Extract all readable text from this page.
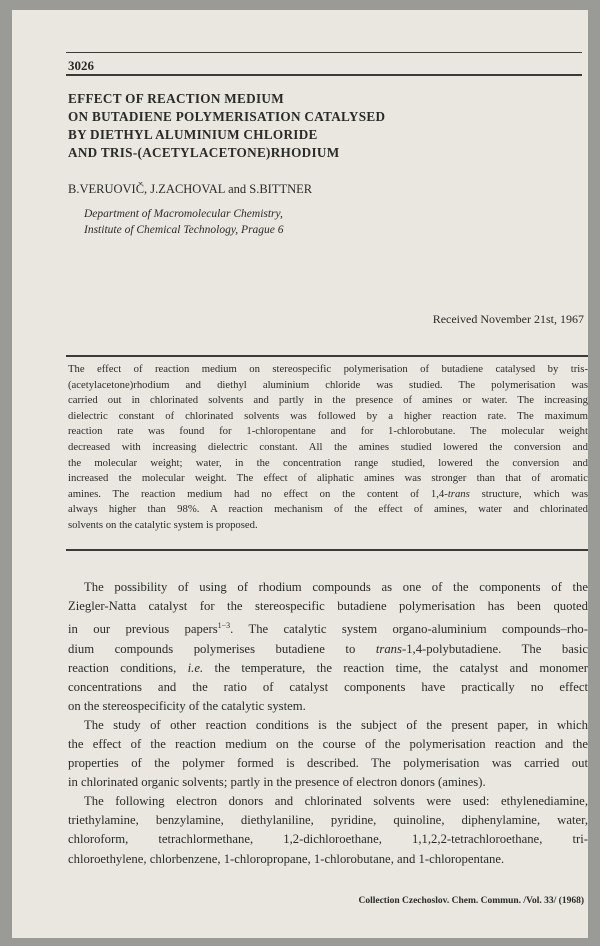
3026
EFFECT OF REACTION MEDIUM
ON BUTADIENE POLYMERISATION CATALYSED
BY DIETHYL ALUMINIUM CHLORIDE
AND TRIS-(ACETYLACETONE)RHODIUM
B.VERUOVIČ, J.ZACHOVAL and S.BITTNER
Department of Macromolecular Chemistry,
Institute of Chemical Technology, Prague 6
Received November 21st, 1967
The effect of reaction medium on stereospecific polymerisation of butadiene catalysed by tris-
(acetylacetone)rhodium and diethyl aluminium chloride was studied. The polymerisation was
carried out in chlorinated solvents and partly in the presence of amines or water. The increasing
dielectric constant of chlorinated solvents was followed by a higher reaction rate. The maximum
reaction rate was found for 1-chloropentane and for 1-chlorobutane. The molecular weight
decreased with increasing dielectric constant. All the amines studied lowered the conversion and
the molecular weight; water, in the concentration range studied, lowered the conversion and
increased the molecular weight. The effect of aliphatic amines was stronger than that of aromatic
amines. The reaction medium had no effect on the content of 1,4-trans structure, which was
always higher than 98%. A reaction mechanism of the effect of amines, water and chlorinated
solvents on the catalytic system is proposed.
The possibility of using of rhodium compounds as one of the components of the
Ziegler-Natta catalyst for the stereospecific butadiene polymerisation has been quoted
in our previous papers$^{1-3}$. The catalytic system organo-aluminium compounds–rho-
dium compounds polymerises butadiene to trans-1,4-polybutadiene. The basic
reaction conditions, i.e. the temperature, the reaction time, the catalyst and monomer
concentrations and the ratio of catalyst components have practically no effect
on the stereospecificity of the catalytic system.
The study of other reaction conditions is the subject of the present paper, in which
the effect of the reaction medium on the course of the polymerisation reaction and the
properties of the polymer formed is described. The polymerisation was carried out
in chlorinated organic solvents; partly in the presence of electron donors (amines).
The following electron donors and chlorinated solvents were used: ethylenediamine,
triethylamine, benzylamine, diethylaniline, pyridine, quinoline, diphenylamine, water,
chloroform, tetrachlormethane, 1,2-dichloroethane, 1,1,2,2-tetrachloroethane, tri-
chloroethylene, chlorbenzene, 1-chloropropane, 1-chlorobutane, and 1-chloropentane.
Collection Czechoslov. Chem. Commun. /Vol. 33/ (1968)
